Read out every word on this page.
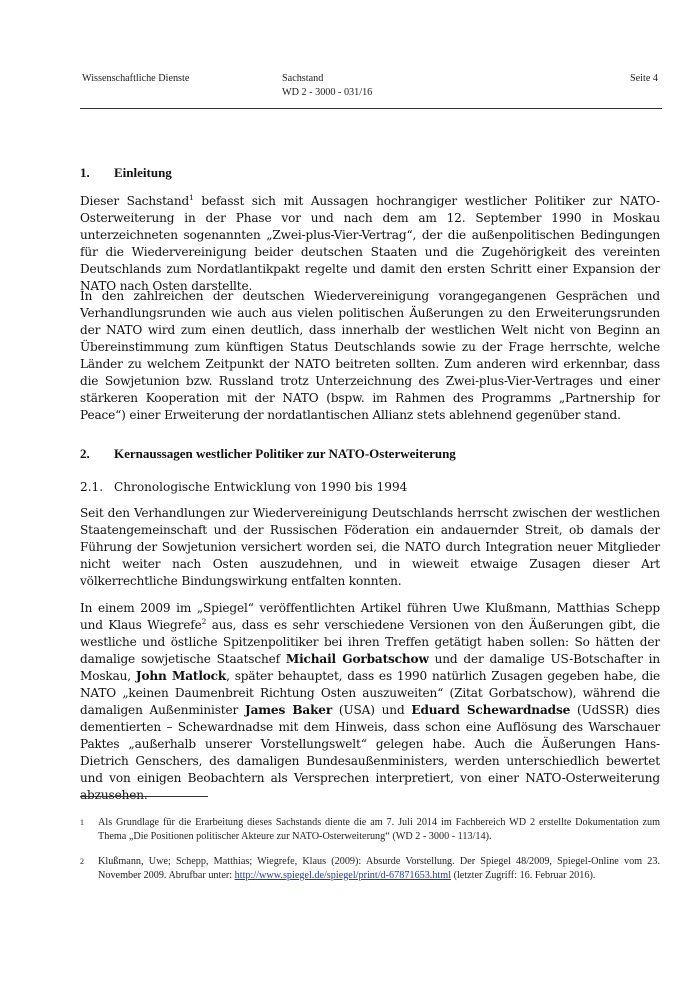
Wissenschaftliche Dienste	Sachstand
WD 2 - 3000 - 031/16
Seite 4
1. Einleitung

Dieser Sachstand$^1$ befasst sich mit Aussagen hochrangiger westlicher Politiker zur NATO-Osterweiterung in der Phase vor und nach dem am 12. September 1990 in Moskau unterzeichneten sogenannten „Zwei-plus-Vier-Vertrag“, der die außenpolitischen Bedingungen für die Wiedervereinigung beider deutschen Staaten und die Zugehörigkeit des vereinten Deutschlands zum Nordatlantikpakt regelte und damit den ersten Schritt einer Expansion der NATO nach Osten darstellte.

In den zahlreichen der deutschen Wiedervereinigung vorangegangenen Gesprächen und Verhandlungsrunden wie auch aus vielen politischen Äußerungen zu den Erweiterungsrunden der NATO wird zum einen deutlich, dass innerhalb der westlichen Welt nicht von Beginn an Übereinstimmung zum künftigen Status Deutschlands sowie zu der Frage herrschte, welche Länder zu welchem Zeitpunkt der NATO beitreten sollten. Zum anderen wird erkennbar, dass die Sowjetunion bzw. Russland trotz Unterzeichnung des Zwei-plus-Vier-Vertrages und einer stärkeren Kooperation mit der NATO (bspw. im Rahmen des Programms „Partnership for Peace“) einer Erweiterung der nordatlantischen Allianz stets ablehnend gegenüber stand.

2. Kernaussagen westlicher Politiker zur NATO-Osterweiterung
2.1. Chronologische Entwicklung von 1990 bis 1994

Seit den Verhandlungen zur Wiedervereinigung Deutschlands herrscht zwischen der westlichen Staatengemeinschaft und der Russischen Föderation ein andauernder Streit, ob damals der Führung der Sowjetunion versichert worden sei, die NATO durch Integration neuer Mitglieder nicht weiter nach Osten auszudehnen, und in wieweit etwaige Zusagen dieser Art völkerrechtliche Bindungswirkung entfalten konnten.

In einem 2009 im „Spiegel“ veröffentlichten Artikel führen Uwe Klußmann, Matthias Schepp und Klaus Wiegrefe$^2$ aus, dass es sehr verschiedene Versionen von den Äußerungen gibt, die westliche und östliche Spitzenpolitiker bei ihren Treffen getätigt haben sollen: So hätten der damalige sowjetische Staatschef Michail Gorbatschow und der damalige US-Botschafter in Moskau, John Matlock, später behauptet, dass es 1990 natürlich Zusagen gegeben habe, die NATO „keinen Daumenbreit Richtung Osten auszuweiten“ (Zitat Gorbatschow), während die damaligen Außenminister James Baker (USA) und Eduard Schewardnadse (UdSSR) dies dementierten – Schewardnadse mit dem Hinweis, dass schon eine Auflösung des Warschauer Paktes „außerhalb unserer Vorstellungswelt“ gelegen habe. Auch die Äußerungen Hans-Dietrich Genschers, des damaligen Bundesaußenministers, werden unterschiedlich bewertet und von einigen Beobachtern als Versprechen interpretiert, von einer NATO-Osterweiterung abzusehen.

1 Als Grundlage für die Erarbeitung dieses Sachstands diente die am 7. Juli 2014 im Fachbereich WD 2 erstellte Dokumentation zum Thema „Die Positionen politischer Akteure zur NATO-Osterweiterung“ (WD 2 - 3000 - 113/14).
2 Klußmann, Uwe; Schepp, Matthias; Wiegrefe, Klaus (2009): Absurde Vorstellung. Der Spiegel 48/2009, Spiegel-Online vom 23. November 2009. Abrufbar unter: http://www.spiegel.de/spiegel/print/d-67871653.html (letzter Zugriff: 16. Februar 2016).
